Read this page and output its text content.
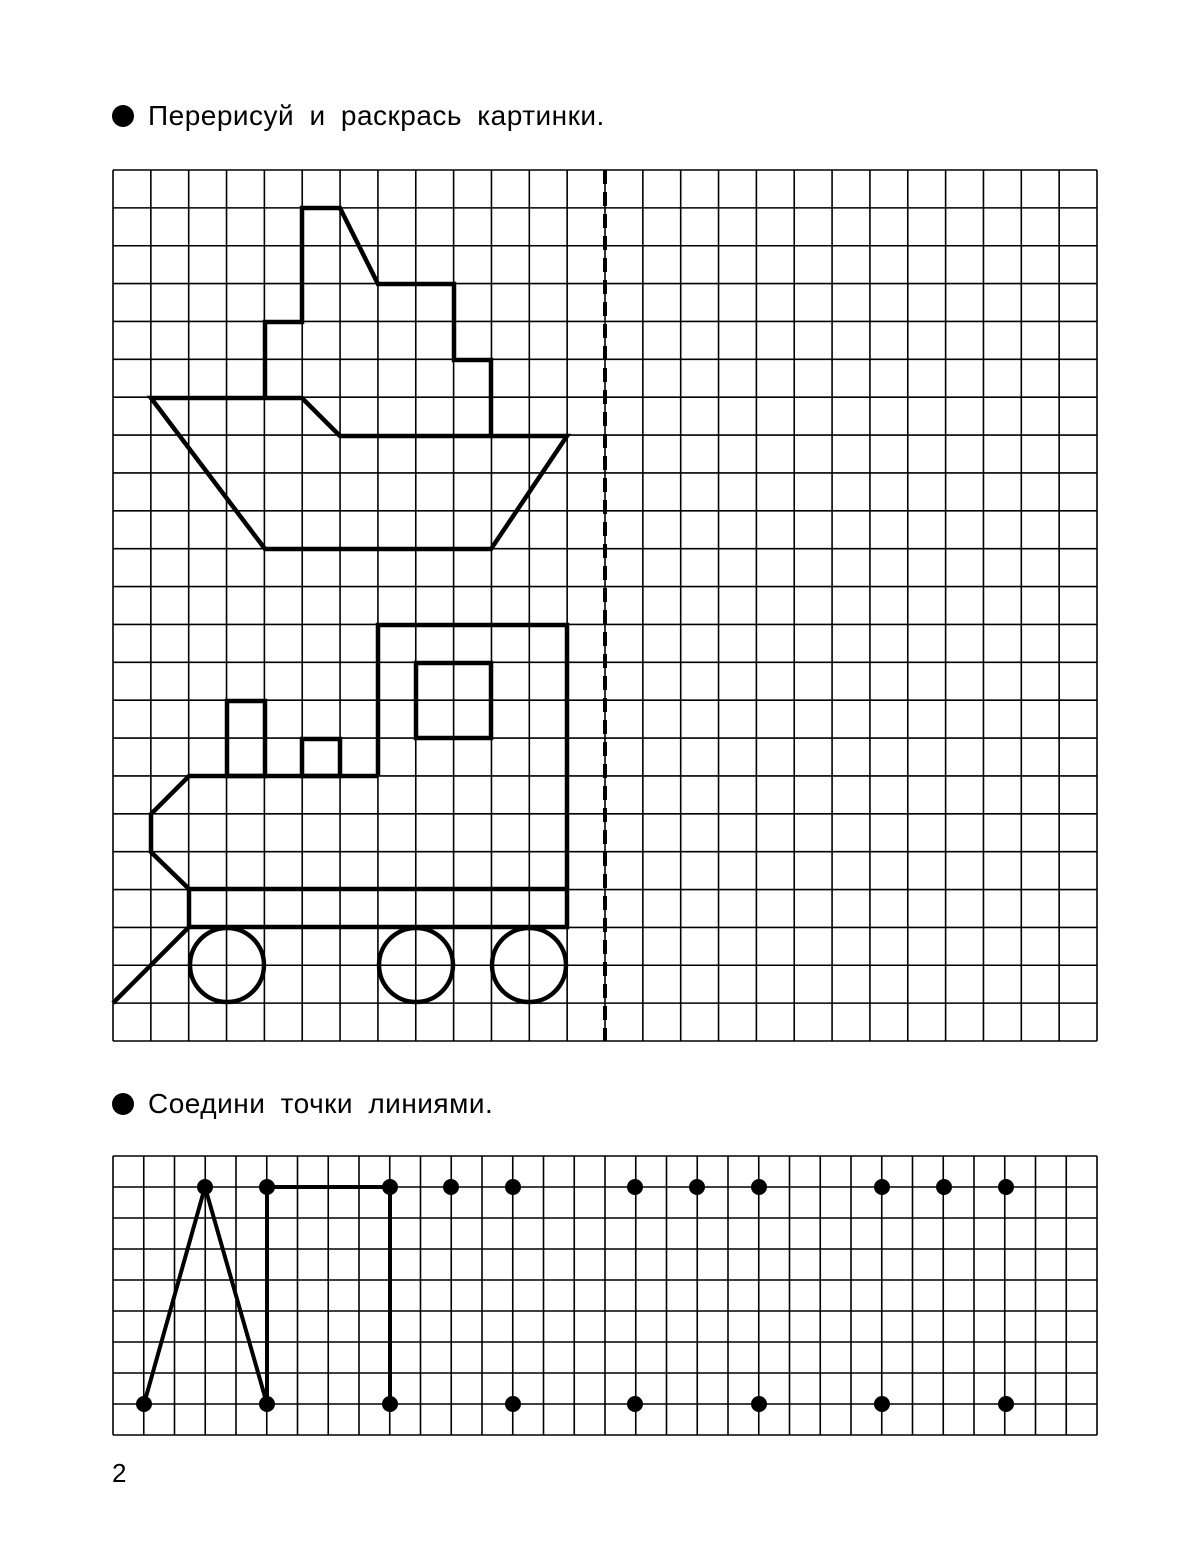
Перерисуй и раскрась картинки.
Соедини точки линиями.
2
